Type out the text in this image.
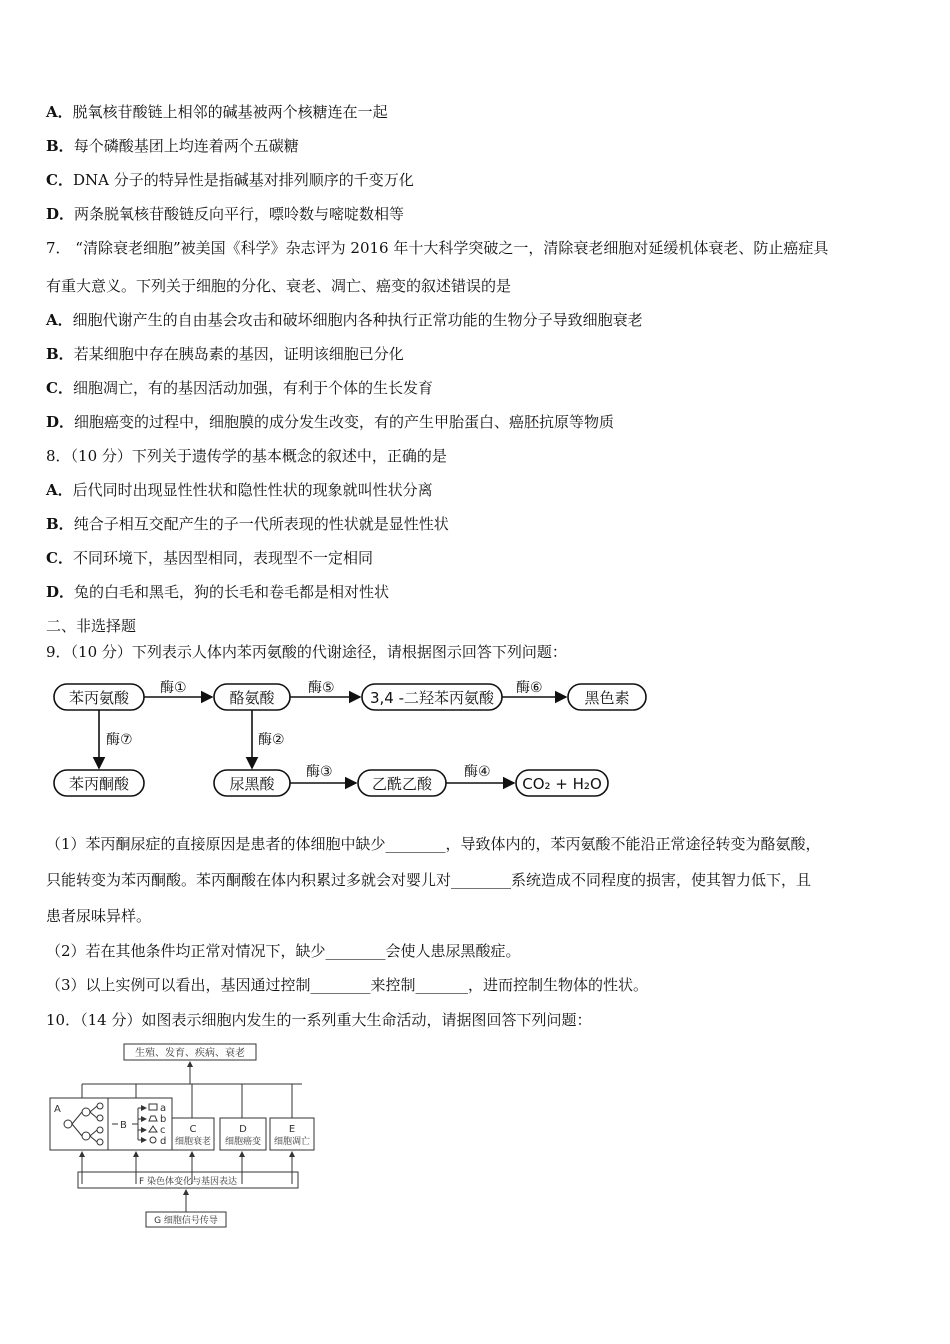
A．脱氧核苷酸链上相邻的碱基被两个核糖连在一起
B．每个磷酸基团上均连着两个五碳糖
C．DNA 分子的特异性是指碱基对排列顺序的千变万化
D．两条脱氧核苷酸链反向平行，嘌呤数与嘧啶数相等
7． “清除衰老细胞”被美国《科学》杂志评为 2016 年十大科学突破之一，清除衰老细胞对延缓机体衰老、防止癌症具
有重大意义。下列关于细胞的分化、衰老、凋亡、癌变的叙述错误的是
A．细胞代谢产生的自由基会攻击和破坏细胞内各种执行正常功能的生物分子导致细胞衰老
B．若某细胞中存在胰岛素的基因，证明该细胞已分化
C．细胞凋亡，有的基因活动加强，有利于个体的生长发育
D．细胞癌变的过程中，细胞膜的成分发生改变，有的产生甲胎蛋白、癌胚抗原等物质
8．（10 分）下列关于遗传学的基本概念的叙述中，正确的是
A．后代同时出现显性性状和隐性性状的现象就叫性状分离
B．纯合子相互交配产生的子一代所表现的性状就是显性性状
C．不同环境下，基因型相同，表现型不一定相同
D．兔的白毛和黑毛，狗的长毛和卷毛都是相对性状
二、非选择题
9．（10 分）下列表示人体内苯丙氨酸的代谢途径，请根据图示回答下列问题：
苯丙氨酸	酪氨酸	3,4 -二羟苯丙氨酸	黑色素
苯丙酮酸	尿黑酸	乙酰乙酸	CO₂ + H₂O
酶①	酶⑤	酶⑥
酶⑦	酶②
酶③	酶④
（1）苯丙酮尿症的直接原因是患者的体细胞中缺少________，导致体内的，苯丙氨酸不能沿正常途径转变为酪氨酸，
只能转变为苯丙酮酸。苯丙酮酸在体内积累过多就会对婴儿对________系统造成不同程度的损害，使其智力低下，且
患者尿味异样。
（2）若在其他条件均正常对情况下，缺少________会使人患尿黑酸症。
（3）以上实例可以看出，基因通过控制________来控制_______，进而控制生物体的性状。
10．（14 分）如图表示细胞内发生的一系列重大生命活动，请据图回答下列问题：
生殖、发育、疾病、衰老
C
细胞衰老
D
细胞癌变
E
细胞凋亡
F 染色体变化与基因表达
G 细胞信号传导
A
B
a
b
c
d
